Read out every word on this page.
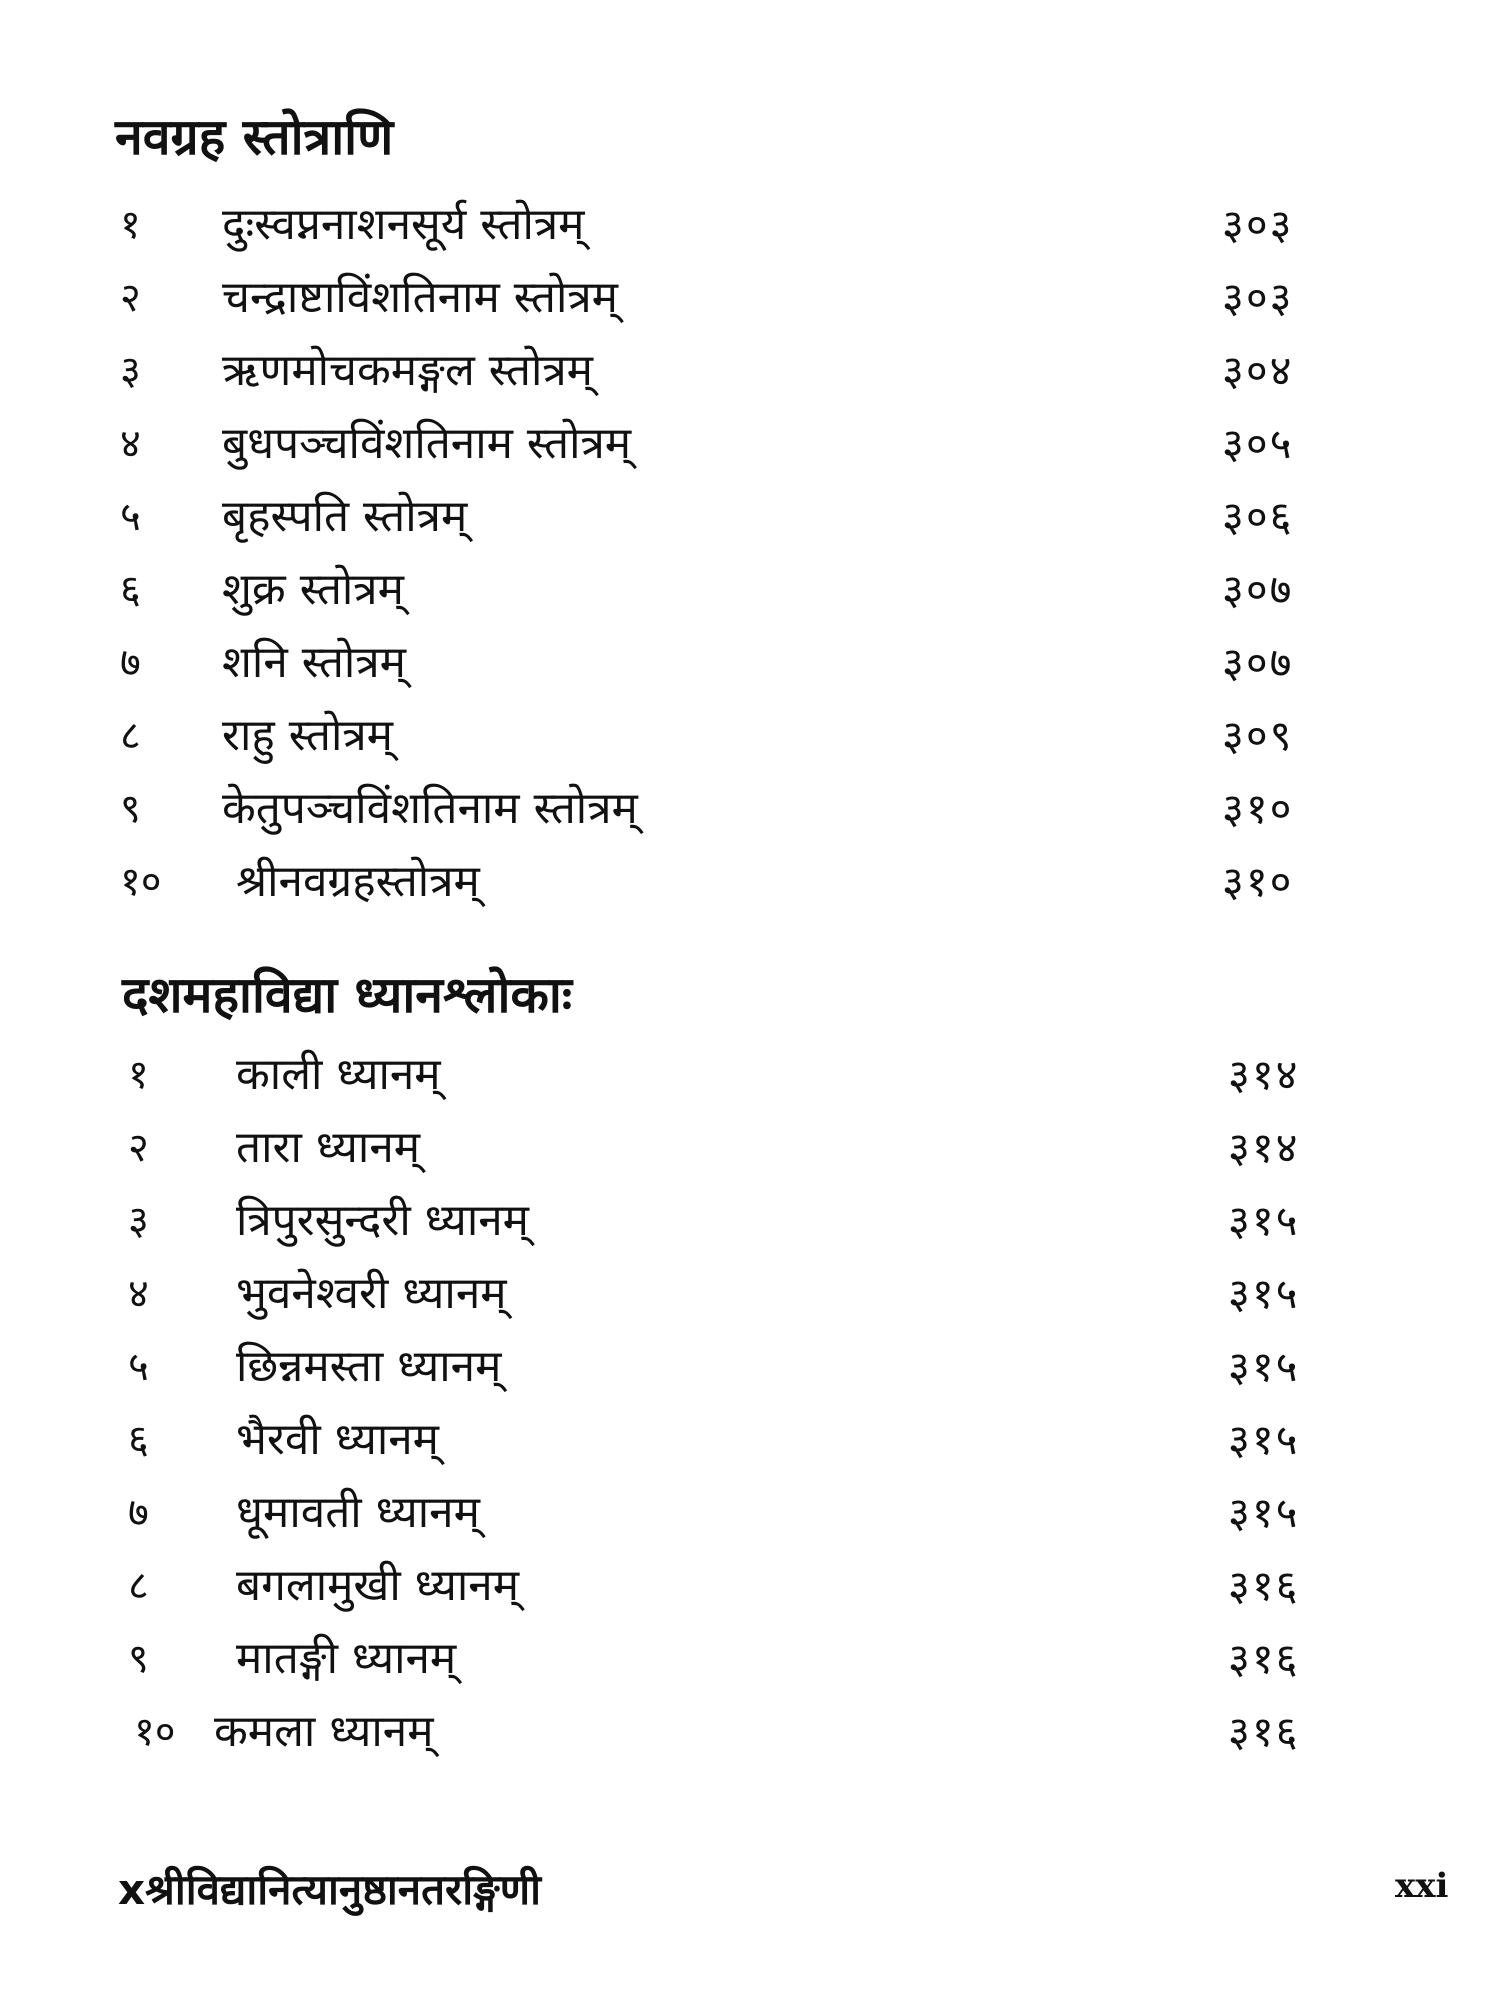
नवग्रह स्तोत्राणि
१ दुःस्वप्ननाशनसूर्य स्तोत्रम्	३०३
२ चन्द्राष्टाविंशतिनाम स्तोत्रम्	३०३
३ ऋणमोचकमङ्गल स्तोत्रम्	३०४
४ बुधपञ्चविंशतिनाम स्तोत्रम्	३०५
५ बृहस्पति स्तोत्रम्	३०६
६ शुक्र स्तोत्रम्	३०७
७ शनि स्तोत्रम्	३०७
८ राहु स्तोत्रम्	३०९
९ केतुपञ्चविंशतिनाम स्तोत्रम्	३१०
१० श्रीनवग्रहस्तोत्रम्	३१०
दशमहाविद्या ध्यानश्लोकाः
१ काली ध्यानम्	३१४
२ तारा ध्यानम्	३१४
३ त्रिपुरसुन्दरी ध्यानम्	३१५
४ भुवनेश्वरी ध्यानम्	३१५
५ छिन्नमस्ता ध्यानम्	३१५
६ भैरवी ध्यानम्	३१५
७ धूमावती ध्यानम्	३१५
८ बगलामुखी ध्यानम्	३१६
९ मातङ्गी ध्यानम्	३१६
१० कमला ध्यानम्	३१६
xश्रीविद्यानित्यानुष्ठानतरङ्गिणी	xxi
